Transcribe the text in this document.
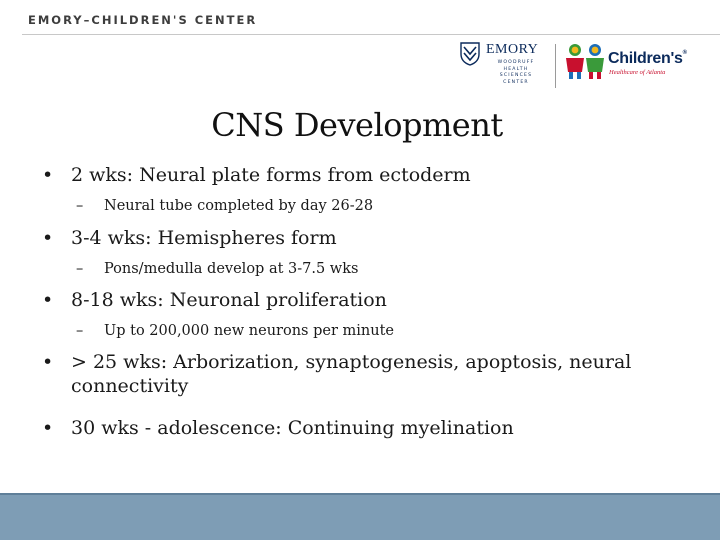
EMORY–CHILDREN'S CENTER
EMORY
WOODRUFF
HEALTH
SCIENCES
CENTER
Children's®
Healthcare of Atlanta
CNS Development
• 2 wks: Neural plate forms from ectoderm
–	Neural tube completed by day 26-28
• 3-4 wks: Hemispheres form
–	Pons/medulla develop at 3-7.5 wks
• 8-18 wks: Neuronal proliferation
–	Up to 200,000 new neurons per minute
• > 25 wks: Arborization, synaptogenesis, apoptosis, neural connectivity
• 30 wks - adolescence: Continuing myelination
